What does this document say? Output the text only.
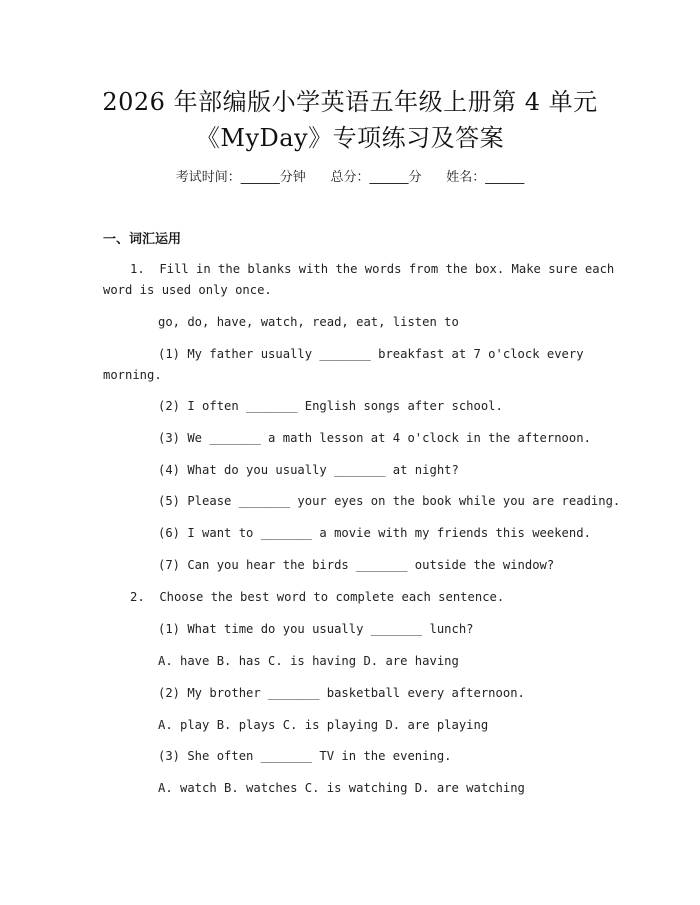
2026 年部编版小学英语五年级上册第 4 单元
《MyDay》专项练习及答案
考试时间：______分钟      总分：______分      姓名：______
一、词汇运用
1.  Fill in the blanks with the words from the box. Make sure each
word is used only once.
go, do, have, watch, read, eat, listen to
(1) My father usually _______ breakfast at 7 o'clock every
morning.
(2) I often _______ English songs after school.
(3) We _______ a math lesson at 4 o'clock in the afternoon.
(4) What do you usually _______ at night?
(5) Please _______ your eyes on the book while you are reading.
(6) I want to _______ a movie with my friends this weekend.
(7) Can you hear the birds _______ outside the window?
2.  Choose the best word to complete each sentence.
(1) What time do you usually _______ lunch?
A. have B. has C. is having D. are having
(2) My brother _______ basketball every afternoon.
A. play B. plays C. is playing D. are playing
(3) She often _______ TV in the evening.
A. watch B. watches C. is watching D. are watching
